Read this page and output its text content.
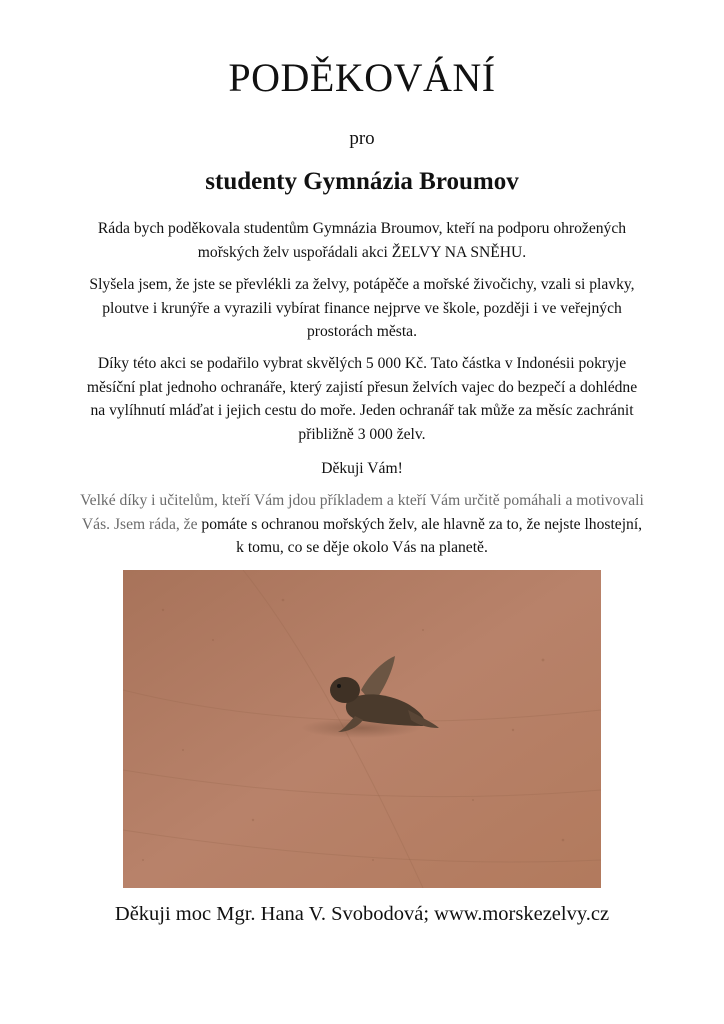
PODĚKOVÁNÍ
pro
studenty Gymnázia Broumov

Ráda bych poděkovala studentům Gymnázia Broumov, kteří na podporu ohrožených mořských želv uspořádali akci ŽELVY NA SNĚHU.

Slyšela jsem, že jste se převlékli za želvy, potápěče a mořské živočichy, vzali si plavky, ploutve i krunýře a vyrazili vybírat finance nejprve ve škole, později i ve veřejných prostorách města.

Díky této akci se podařilo vybrat skvělých 5 000 Kč. Tato částka v Indonésii pokryje měsíční plat jednoho ochranáře, který zajistí přesun želvích vajec do bezpečí a dohlédne na vylíhnutí mláďat i jejich cestu do moře. Jeden ochranář tak může za měsíc zachránit přibližně 3 000 želv.

Děkuji Vám!

Velké díky i učitelům, kteří Vám jdou příkladem a kteří Vám určitě pomáhali a motivovali Vás. Jsem ráda, že pomáte s ochranou mořských želv, ale hlavně za to, že nejste lhostejní, k tomu, co se děje okolo Vás na planetě.

Děkuji moc Mgr. Hana V. Svobodová; www.morskezelvy.cz
